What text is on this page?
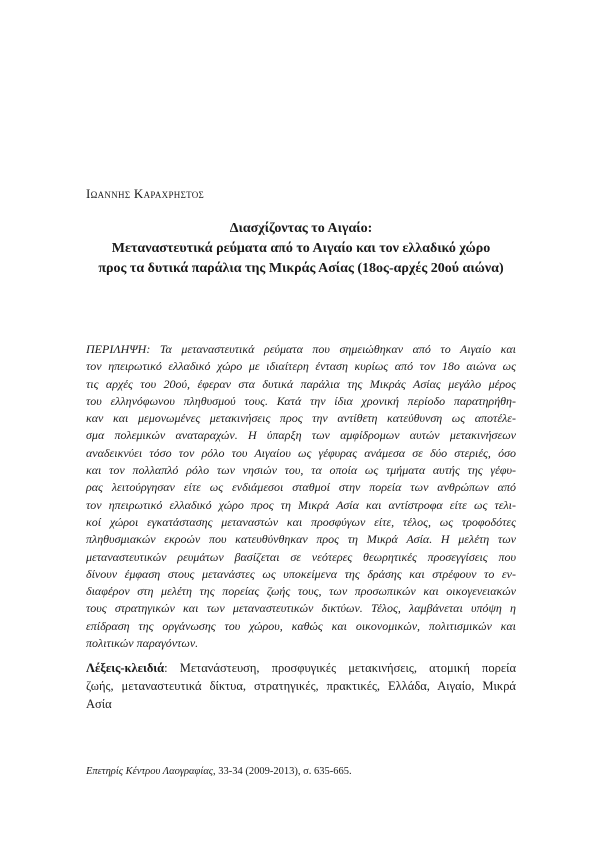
Ιωαννης Καραχρηστος
Διασχίζοντας το Αιγαίο:
Μεταναστευτικά ρεύματα από το Αιγαίο και τον ελλαδικό χώρο
προς τα δυτικά παράλια της Μικράς Ασίας (18ος-αρχές 20ού αιώνα)
ΠΕΡΙΛΗΨΗ: Τα μεταναστευτικά ρεύματα που σημειώθηκαν από το Αιγαίο και
τον ηπειρωτικό ελλαδικό χώρο με ιδιαίτερη ένταση κυρίως από τον 18ο αιώνα ως
τις αρχές του 20ού, έφεραν στα δυτικά παράλια της Μικράς Ασίας μεγάλο μέρος
του ελληνόφωνου πληθυσμού τους. Κατά την ίδια χρονική περίοδο παρατηρήθη-
καν και μεμονωμένες μετακινήσεις προς την αντίθετη κατεύθυνση ως αποτέλε-
σμα πολεμικών αναταραχών. Η ύπαρξη των αμφίδρομων αυτών μετακινήσεων
αναδεικνύει τόσο τον ρόλο του Αιγαίου ως γέφυρας ανάμεσα σε δύο στεριές, όσο
και τον πολλαπλό ρόλο των νησιών του, τα οποία ως τμήματα αυτής της γέφυ-
ρας λειτούργησαν είτε ως ενδιάμεσοι σταθμοί στην πορεία των ανθρώπων από
τον ηπειρωτικό ελλαδικό χώρο προς τη Μικρά Ασία και αντίστροφα είτε ως τελι-
κοί χώροι εγκατάστασης μεταναστών και προσφύγων είτε, τέλος, ως τροφοδότες
πληθυσμιακών εκροών που κατευθύνθηκαν προς τη Μικρά Ασία. Η μελέτη των
μεταναστευτικών ρευμάτων βασίζεται σε νεότερες θεωρητικές προσεγγίσεις που
δίνουν έμφαση στους μετανάστες ως υποκείμενα της δράσης και στρέφουν το εν-
διαφέρον στη μελέτη της πορείας ζωής τους, των προσωπικών και οικογενειακών
τους στρατηγικών και των μεταναστευτικών δικτύων. Τέλος, λαμβάνεται υπόψη η
επίδραση της οργάνωσης του χώρου, καθώς και οικονομικών, πολιτισμικών και
πολιτικών παραγόντων.
Λέξεις-κλειδιά: Μετανάστευση, προσφυγικές μετακινήσεις, ατομική πορεία
ζωής, μεταναστευτικά δίκτυα, στρατηγικές, πρακτικές, Ελλάδα, Αιγαίο, Μικρά
Ασία
Επετηρίς Κέντρου Λαογραφίας, 33-34 (2009-2013), σ. 635-665.
